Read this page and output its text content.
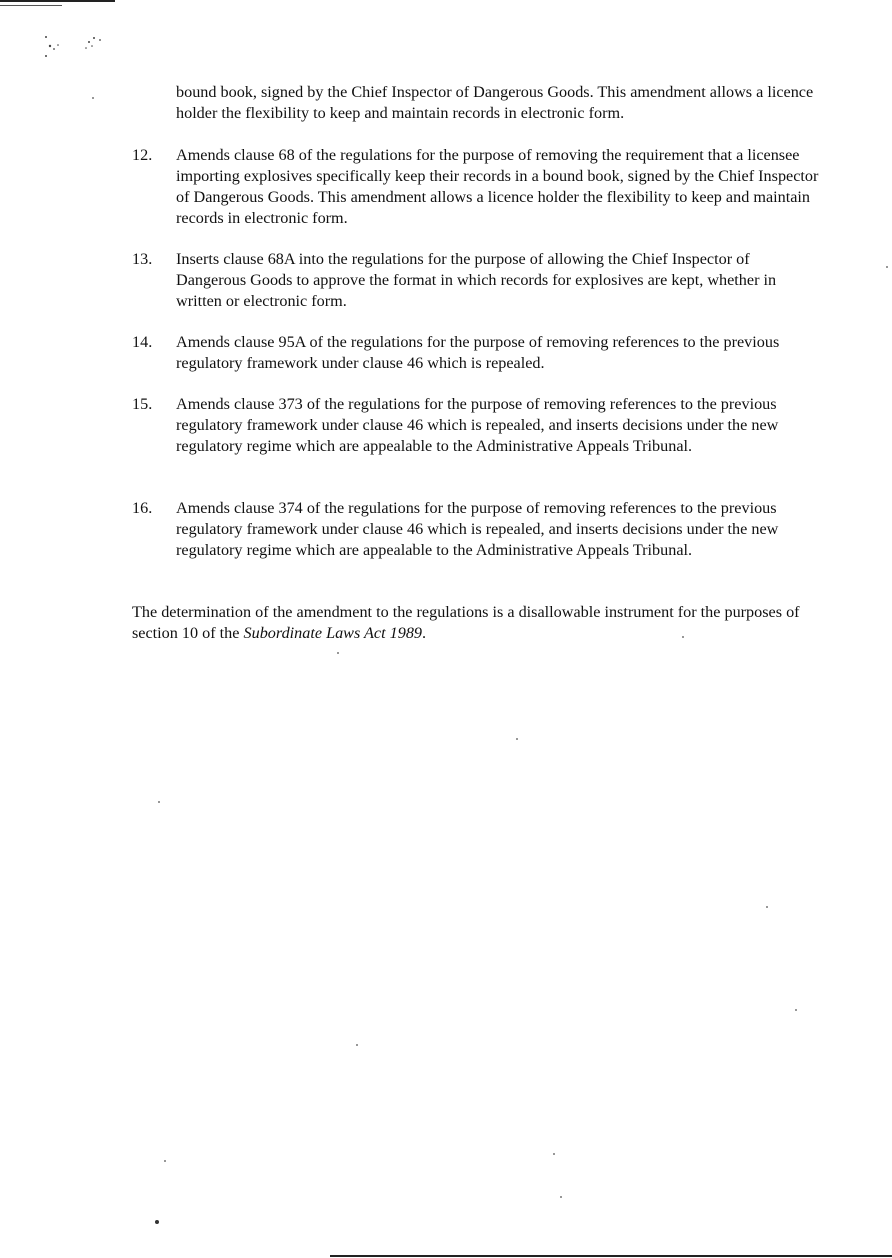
bound book, signed by the Chief Inspector of Dangerous Goods. This amendment allows a licence holder the flexibility to keep and maintain records in electronic form.

12.	Amends clause 68 of the regulations for the purpose of removing the requirement that a licensee importing explosives specifically keep their records in a bound book, signed by the Chief Inspector of Dangerous Goods. This amendment allows a licence holder the flexibility to keep and maintain records in electronic form.
13.	Inserts clause 68A into the regulations for the purpose of allowing the Chief Inspector of Dangerous Goods to approve the format in which records for explosives are kept, whether in written or electronic form.
14.	Amends clause 95A of the regulations for the purpose of removing references to the previous regulatory framework under clause 46 which is repealed.
15.	Amends clause 373 of the regulations for the purpose of removing references to the previous regulatory framework under clause 46 which is repealed, and inserts decisions under the new regulatory regime which are appealable to the Administrative Appeals Tribunal.
16.	Amends clause 374 of the regulations for the purpose of removing references to the previous regulatory framework under clause 46 which is repealed, and inserts decisions under the new regulatory regime which are appealable to the Administrative Appeals Tribunal.

The determination of the amendment to the regulations is a disallowable instrument for the purposes of section 10 of the Subordinate Laws Act 1989.
